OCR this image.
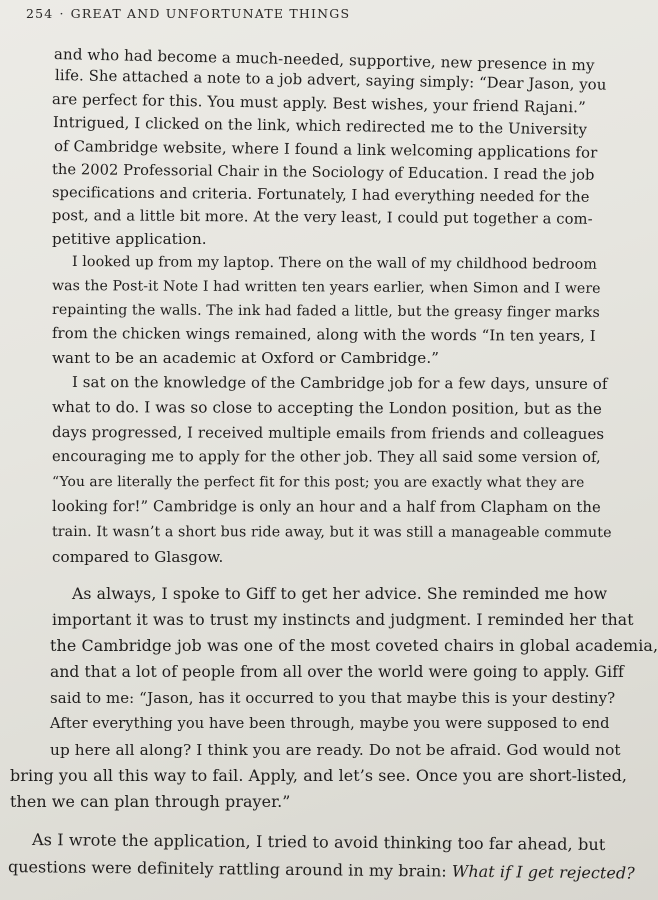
254 · GREAT AND UNFORTUNATE THINGS
and who had become a much-needed, supportive, new presence in my
life. She attached a note to a job advert, saying simply: “Dear Jason, you
are perfect for this. You must apply. Best wishes, your friend Rajani.”
Intrigued, I clicked on the link, which redirected me to the University
of Cambridge website, where I found a link welcoming applications for
the 2002 Professorial Chair in the Sociology of Education. I read the job
specifications and criteria. Fortunately, I had everything needed for the
post, and a little bit more. At the very least, I could put together a com-
petitive application.
I looked up from my laptop. There on the wall of my childhood bedroom
was the Post-it Note I had written ten years earlier, when Simon and I were
repainting the walls. The ink had faded a little, but the greasy finger marks
from the chicken wings remained, along with the words “In ten years, I
want to be an academic at Oxford or Cambridge.”
I sat on the knowledge of the Cambridge job for a few days, unsure of
what to do. I was so close to accepting the London position, but as the
days progressed, I received multiple emails from friends and colleagues
encouraging me to apply for the other job. They all said some version of,
“You are literally the perfect fit for this post; you are exactly what they are
looking for!” Cambridge is only an hour and a half from Clapham on the
train. It wasn’t a short bus ride away, but it was still a manageable commute
compared to Glasgow.
As always, I spoke to Giff to get her advice. She reminded me how
important it was to trust my instincts and judgment. I reminded her that
the Cambridge job was one of the most coveted chairs in global academia,
and that a lot of people from all over the world were going to apply. Giff
said to me: “Jason, has it occurred to you that maybe this is your destiny?
After everything you have been through, maybe you were supposed to end
up here all along? I think you are ready. Do not be afraid. God would not
bring you all this way to fail. Apply, and let’s see. Once you are short-listed,
then we can plan through prayer.”
As I wrote the application, I tried to avoid thinking too far ahead, but
questions were definitely rattling around in my brain: What if I get rejected?
